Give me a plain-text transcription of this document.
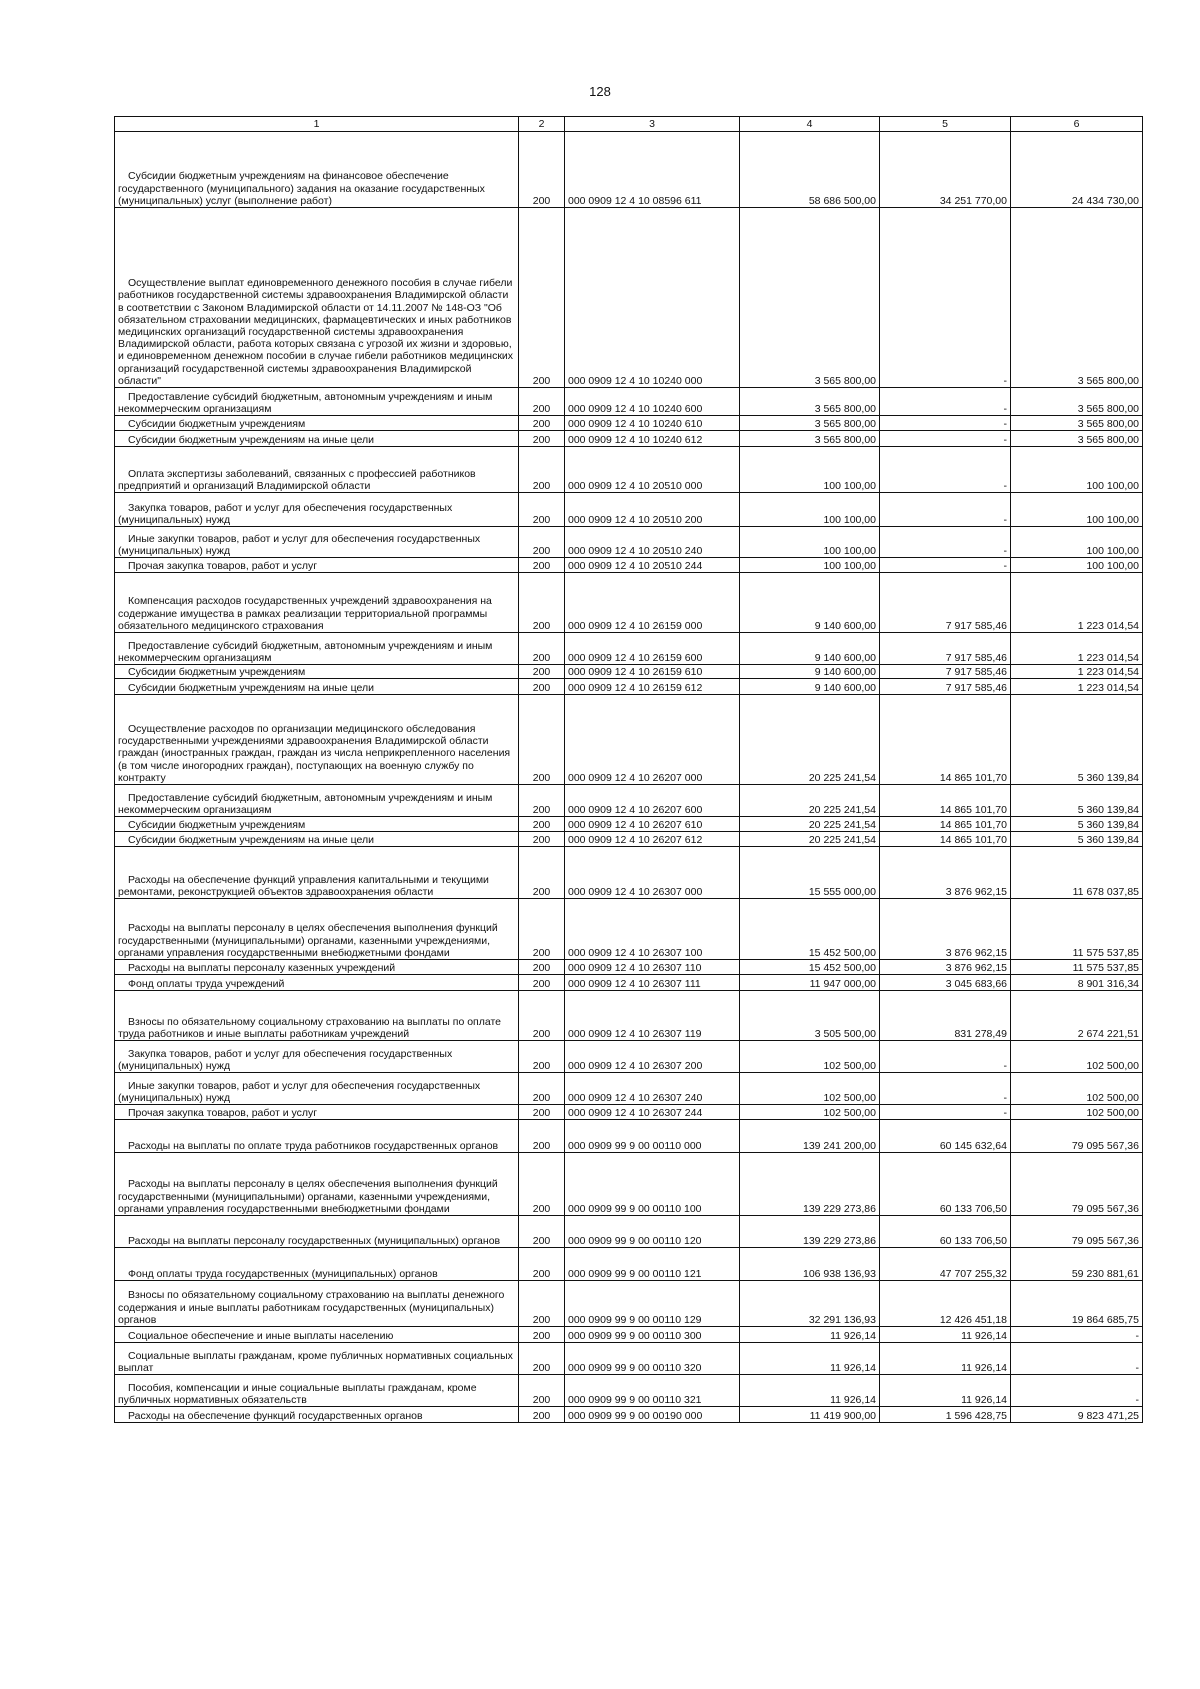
128
1	2	3	4	5	6

Субсидии бюджетным учреждениям на финансовое обеспечение государственного (муниципального) задания на оказание государственных (муниципальных) услуг (выполнение работ)	200	000 0909 12 4 10 08596 611	58 686 500,00	34 251 770,00	24 434 730,00

Осуществление выплат единовременного денежного пособия в случае гибели работников государственной системы здравоохранения Владимирской области в соответствии с Законом Владимирской области от 14.11.2007 № 148-ОЗ "Об обязательном страховании медицинских, фармацевтических и иных работников медицинских организаций государственной системы здравоохранения Владимирской области, работа которых связана с угрозой их жизни и здоровью, и единовременном денежном пособии в случае гибели работников медицинских организаций государственной системы здравоохранения Владимирской области"	200	000 0909 12 4 10 10240 000	3 565 800,00	-	3 565 800,00

Предоставление субсидий бюджетным, автономным учреждениям и иным некоммерческим организациям	200	000 0909 12 4 10 10240 600	3 565 800,00	-	3 565 800,00

Субсидии бюджетным учреждениям	200	000 0909 12 4 10 10240 610	3 565 800,00	-	3 565 800,00

Субсидии бюджетным учреждениям на иные цели	200	000 0909 12 4 10 10240 612	3 565 800,00	-	3 565 800,00

Оплата экспертизы заболеваний, связанных с профессией работников предприятий и организаций Владимирской области	200	000 0909 12 4 10 20510 000	100 100,00	-	100 100,00

Закупка товаров, работ и услуг для обеспечения государственных (муниципальных) нужд	200	000 0909 12 4 10 20510 200	100 100,00	-	100 100,00

Иные закупки товаров, работ и услуг для обеспечения государственных (муниципальных) нужд	200	000 0909 12 4 10 20510 240	100 100,00	-	100 100,00

Прочая закупка товаров, работ и услуг	200	000 0909 12 4 10 20510 244	100 100,00	-	100 100,00

Компенсация расходов государственных учреждений здравоохранения на содержание имущества в рамках реализации территориальной программы обязательного медицинского страхования	200	000 0909 12 4 10 26159 000	9 140 600,00	7 917 585,46	1 223 014,54

Предоставление субсидий бюджетным, автономным учреждениям и иным некоммерческим организациям	200	000 0909 12 4 10 26159 600	9 140 600,00	7 917 585,46	1 223 014,54

Субсидии бюджетным учреждениям	200	000 0909 12 4 10 26159 610	9 140 600,00	7 917 585,46	1 223 014,54

Субсидии бюджетным учреждениям на иные цели	200	000 0909 12 4 10 26159 612	9 140 600,00	7 917 585,46	1 223 014,54

Осуществление расходов по организации медицинского обследования государственными учреждениями здравоохранения Владимирской области граждан (иностранных граждан, граждан из числа неприкрепленного населения (в том числе иногородних граждан), поступающих на военную службу по контракту	200	000 0909 12 4 10 26207 000	20 225 241,54	14 865 101,70	5 360 139,84

Предоставление субсидий бюджетным, автономным учреждениям и иным некоммерческим организациям	200	000 0909 12 4 10 26207 600	20 225 241,54	14 865 101,70	5 360 139,84

Субсидии бюджетным учреждениям	200	000 0909 12 4 10 26207 610	20 225 241,54	14 865 101,70	5 360 139,84

Субсидии бюджетным учреждениям на иные цели	200	000 0909 12 4 10 26207 612	20 225 241,54	14 865 101,70	5 360 139,84

Расходы на обеспечение функций управления капитальными и текущими ремонтами, реконструкцией объектов здравоохранения области	200	000 0909 12 4 10 26307 000	15 555 000,00	3 876 962,15	11 678 037,85

Расходы на выплаты персоналу в целях обеспечения выполнения функций государственными (муниципальными) органами, казенными учреждениями, органами управления государственными внебюджетными фондами	200	000 0909 12 4 10 26307 100	15 452 500,00	3 876 962,15	11 575 537,85

Расходы на выплаты персоналу казенных учреждений	200	000 0909 12 4 10 26307 110	15 452 500,00	3 876 962,15	11 575 537,85

Фонд оплаты труда учреждений	200	000 0909 12 4 10 26307 111	11 947 000,00	3 045 683,66	8 901 316,34

Взносы по обязательному социальному страхованию на выплаты по оплате труда работников и иные выплаты работникам учреждений	200	000 0909 12 4 10 26307 119	3 505 500,00	831 278,49	2 674 221,51

Закупка товаров, работ и услуг для обеспечения государственных (муниципальных) нужд	200	000 0909 12 4 10 26307 200	102 500,00	-	102 500,00

Иные закупки товаров, работ и услуг для обеспечения государственных (муниципальных) нужд	200	000 0909 12 4 10 26307 240	102 500,00	-	102 500,00

Прочая закупка товаров, работ и услуг	200	000 0909 12 4 10 26307 244	102 500,00	-	102 500,00

Расходы на выплаты по оплате труда работников государственных органов	200	000 0909 99 9 00 00110 000	139 241 200,00	60 145 632,64	79 095 567,36

Расходы на выплаты персоналу в целях обеспечения выполнения функций государственными (муниципальными) органами, казенными учреждениями, органами управления государственными внебюджетными фондами	200	000 0909 99 9 00 00110 100	139 229 273,86	60 133 706,50	79 095 567,36

Расходы на выплаты персоналу государственных (муниципальных) органов	200	000 0909 99 9 00 00110 120	139 229 273,86	60 133 706,50	79 095 567,36

Фонд оплаты труда государственных (муниципальных) органов	200	000 0909 99 9 00 00110 121	106 938 136,93	47 707 255,32	59 230 881,61

Взносы по обязательному социальному страхованию на выплаты денежного содержания и иные выплаты работникам государственных (муниципальных) органов	200	000 0909 99 9 00 00110 129	32 291 136,93	12 426 451,18	19 864 685,75

Социальное обеспечение и иные выплаты населению	200	000 0909 99 9 00 00110 300	11 926,14	11 926,14	-

Социальные выплаты гражданам, кроме публичных нормативных социальных выплат	200	000 0909 99 9 00 00110 320	11 926,14	11 926,14	-

Пособия, компенсации и иные социальные выплаты гражданам, кроме публичных нормативных обязательств	200	000 0909 99 9 00 00110 321	11 926,14	11 926,14	-

Расходы на обеспечение функций государственных органов	200	000 0909 99 9 00 00190 000	11 419 900,00	1 596 428,75	9 823 471,25
